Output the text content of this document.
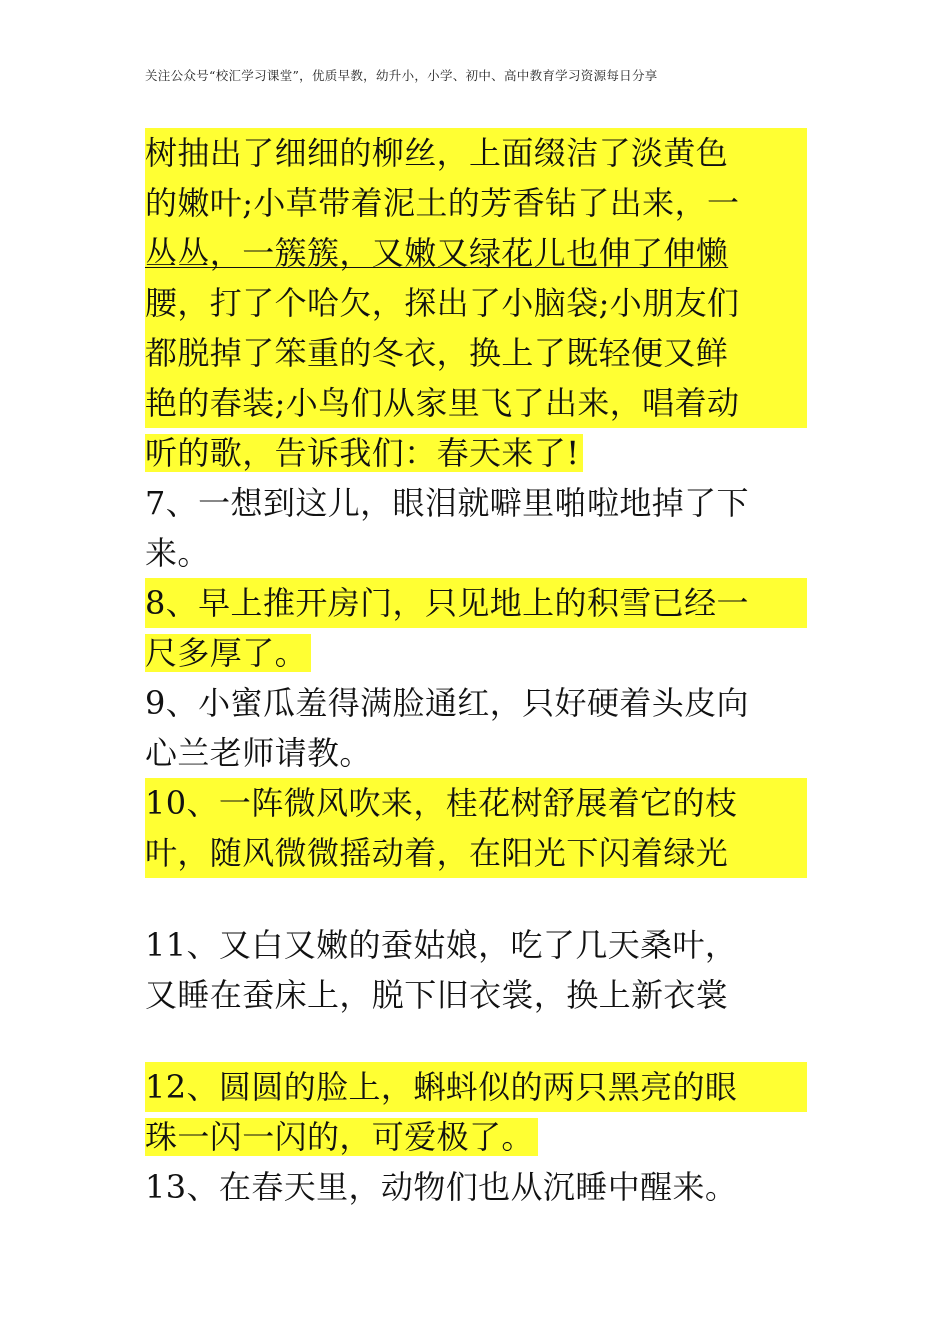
关注公众号“校汇学习课堂”，优质早教，幼升小，小学、初中、高中教育学习资源每日分享
树抽出了细细的柳丝，上面缀洁了淡黄色
的嫩叶;小草带着泥土的芳香钻了出来，一
丛丛，一簇簇，又嫩又绿花儿也伸了伸懒
腰，打了个哈欠，探出了小脑袋;小朋友们
都脱掉了笨重的冬衣，换上了既轻便又鲜
艳的春装;小鸟们从家里飞了出来，唱着动
听的歌，告诉我们：春天来了!
7、一想到这儿，眼泪就噼里啪啦地掉了下
来。
8、早上推开房门，只见地上的积雪已经一
尺多厚了。
9、小蜜瓜羞得满脸通红，只好硬着头皮向
心兰老师请教。
10、一阵微风吹来，桂花树舒展着它的枝
叶，随风微微摇动着，在阳光下闪着绿光
11、又白又嫩的蚕姑娘，吃了几天桑叶，
又睡在蚕床上，脱下旧衣裳，换上新衣裳
12、圆圆的脸上，蝌蚪似的两只黑亮的眼
珠一闪一闪的，可爱极了。
13、在春天里，动物们也从沉睡中醒来。
